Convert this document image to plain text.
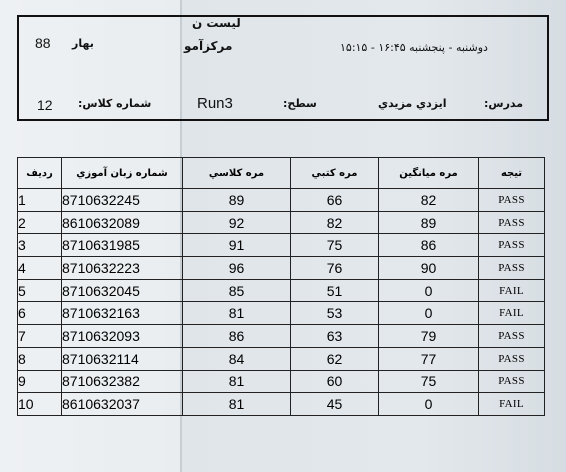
ليست ن
مركزآمو
88 بهار	دوشنبه - پنجشنبه ۱۶:۴۵ - ۱۵:۱۵
12 شماره كلاس:	Run3	سطح:	ايزدي مزيدي	مدرس:
رديف	شماره زبان آموزي	مره كلاسي	مره كتبي	مره ميانگين	تيجه
1	8710632245	89	66	82	PASS
2	8610632089	92	82	89	PASS
3	8710631985	91	75	86	PASS
4	8710632223	96	76	90	PASS
5	8710632045	85	51	0	FAIL
6	8710632163	81	53	0	FAIL
7	8710632093	86	63	79	PASS
8	8710632114	84	62	77	PASS
9	8710632382	81	60	75	PASS
10	8610632037	81	45	0	FAIL
